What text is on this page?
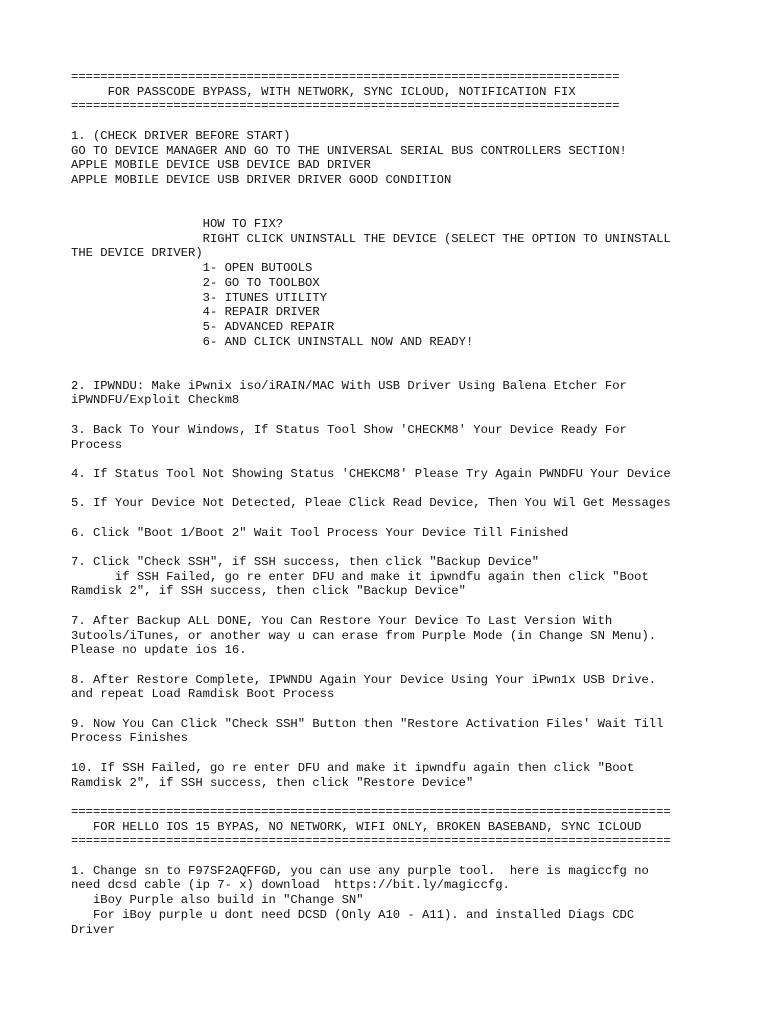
===========================================================================
FOR PASSCODE BYPASS, WITH NETWORK, SYNC ICLOUD, NOTIFICATION FIX
===========================================================================
1. (CHECK DRIVER BEFORE START)
GO TO DEVICE MANAGER AND GO TO THE UNIVERSAL SERIAL BUS CONTROLLERS SECTION!
APPLE MOBILE DEVICE USB DEVICE BAD DRIVER
APPLE MOBILE DEVICE USB DRIVER DRIVER GOOD CONDITION
HOW TO FIX?
RIGHT CLICK UNINSTALL THE DEVICE (SELECT THE OPTION TO UNINSTALL
THE DEVICE DRIVER)
1- OPEN BUTOOLS
2- GO TO TOOLBOX
3- ITUNES UTILITY
4- REPAIR DRIVER
5- ADVANCED REPAIR
6- AND CLICK UNINSTALL NOW AND READY!
2. IPWNDU: Make iPwnix iso/iRAIN/MAC With USB Driver Using Balena Etcher For
iPWNDFU/Exploit Checkm8
3. Back To Your Windows, If Status Tool Show 'CHECKM8' Your Device Ready For
Process
4. If Status Tool Not Showing Status 'CHEKCM8' Please Try Again PWNDFU Your Device
5. If Your Device Not Detected, Pleae Click Read Device, Then You Wil Get Messages
6. Click "Boot 1/Boot 2" Wait Tool Process Your Device Till Finished
7. Click "Check SSH", if SSH success, then click "Backup Device"
if SSH Failed, go re enter DFU and make it ipwndfu again then click "Boot
Ramdisk 2", if SSH success, then click "Backup Device"
7. After Backup ALL DONE, You Can Restore Your Device To Last Version With
3utools/iTunes, or another way u can erase from Purple Mode (in Change SN Menu).
Please no update ios 16.
8. After Restore Complete, IPWNDU Again Your Device Using Your iPwn1x USB Drive.
and repeat Load Ramdisk Boot Process
9. Now You Can Click "Check SSH" Button then "Restore Activation Files' Wait Till
Process Finishes
10. If SSH Failed, go re enter DFU and make it ipwndfu again then click "Boot
Ramdisk 2", if SSH success, then click "Restore Device"
==================================================================================
FOR HELLO IOS 15 BYPAS, NO NETWORK, WIFI ONLY, BROKEN BASEBAND, SYNC ICLOUD
==================================================================================
1. Change sn to F97SF2AQFFGD, you can use any purple tool.  here is magiccfg no
need dcsd cable (ip 7- x) download  https://bit.ly/magiccfg.
iBoy Purple also build in "Change SN"
For iBoy purple u dont need DCSD (Only A10 - A11). and installed Diags CDC
Driver
